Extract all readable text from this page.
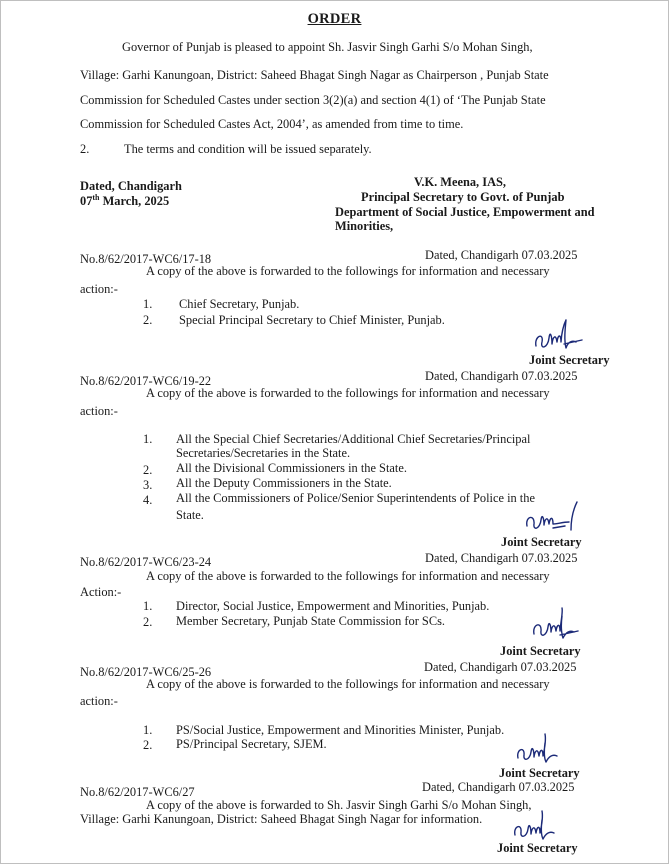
ORDER
Governor of Punjab is pleased to appoint Sh. Jasvir Singh Garhi S/o Mohan Singh,
Village: Garhi Kanungoan, District: Saheed Bhagat Singh Nagar as Chairperson , Punjab State
Commission for Scheduled Castes under section 3(2)(a) and section 4(1) of ‘The Punjab State
Commission for Scheduled Castes Act, 2004’, as amended from time to time.
2.	The terms and condition will be issued separately.
Dated, Chandigarh
07th March, 2025
V.K. Meena, IAS,
Principal Secretary to Govt. of Punjab
Department of Social Justice, Empowerment and
Minorities,
No.8/62/2017-WC6/17-18	Dated, Chandigarh 07.03.2025
A copy of the above is forwarded to the followings for information and necessary
action:-
1. Chief Secretary, Punjab.
2. Special Principal Secretary to Chief Minister, Punjab.
Joint Secretary
No.8/62/2017-WC6/19-22	Dated, Chandigarh 07.03.2025
A copy of the above is forwarded to the followings for information and necessary
action:-
1. All the Special Chief Secretaries/Additional Chief Secretaries/Principal
Secretaries/Secretaries in the State.
2. All the Divisional Commissioners in the State.
3. All the Deputy Commissioners in the State.
4. All the Commissioners of Police/Senior Superintendents of Police in the
State.
Joint Secretary
No.8/62/2017-WC6/23-24	Dated, Chandigarh 07.03.2025
A copy of the above is forwarded to the followings for information and necessary
Action:-
1. Director, Social Justice, Empowerment and Minorities, Punjab.
2. Member Secretary, Punjab State Commission for SCs.
Joint Secretary
No.8/62/2017-WC6/25-26	Dated, Chandigarh 07.03.2025
A copy of the above is forwarded to the followings for information and necessary
action:-
1. PS/Social Justice, Empowerment and Minorities Minister, Punjab.
2. PS/Principal Secretary, SJEM.
Joint Secretary
No.8/62/2017-WC6/27	Dated, Chandigarh 07.03.2025
A copy of the above is forwarded to Sh. Jasvir Singh Garhi S/o Mohan Singh,
Village: Garhi Kanungoan, District: Saheed Bhagat Singh Nagar for information.
Joint Secretary
